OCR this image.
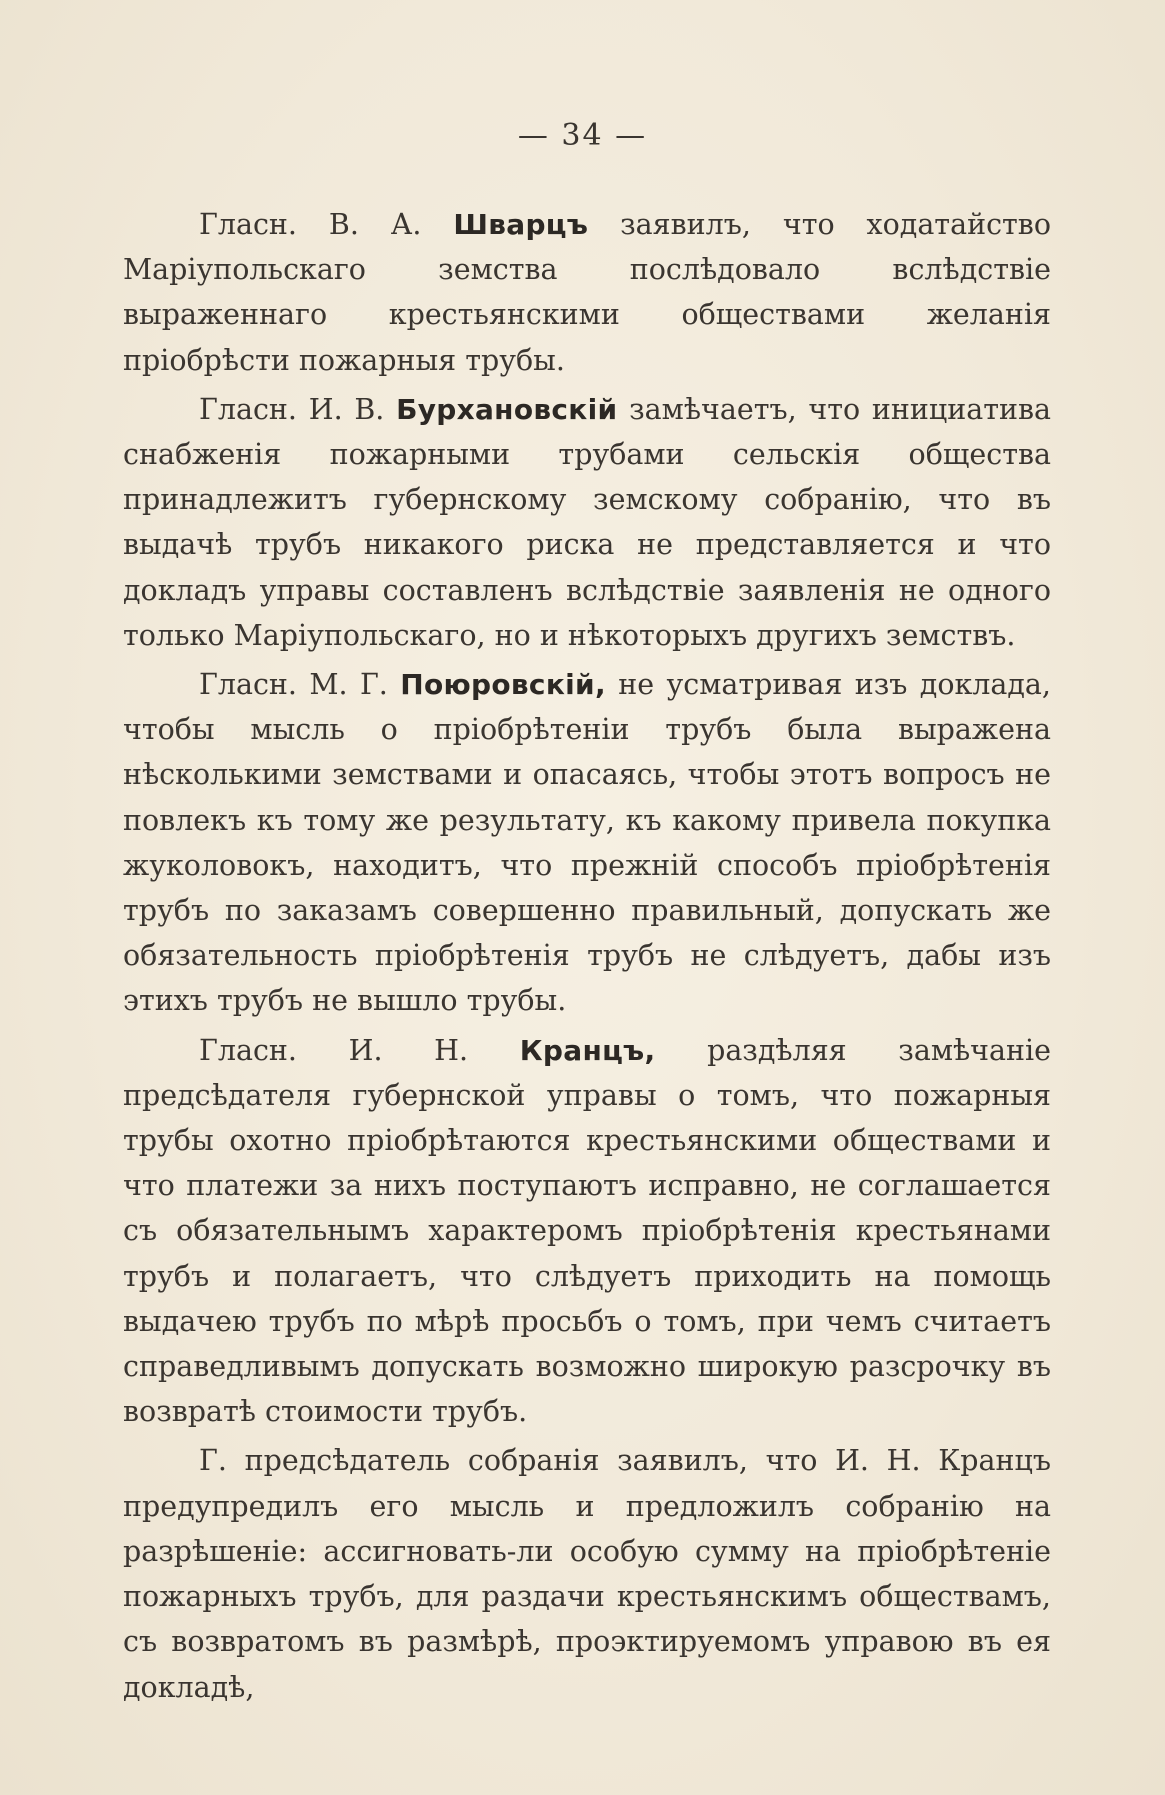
— 34 —

Гласн. В. А. Шварцъ заявилъ, что ходатайство Маріупольскаго земства послѣдовало вслѣдствіе выраженнаго крестьянскими обществами желанія пріобрѣсти пожарныя трубы.

Гласн. И. В. Бурхановскій замѣчаетъ, что инициатива снабженія пожарными трубами сельскія общества принадлежитъ губернскому земскому собранію, что въ выдачѣ трубъ никакого риска не представляется и что докладъ управы составленъ вслѣдствіе заявленія не одного только Маріупольскаго, но и нѣкоторыхъ другихъ земствъ.

Гласн. М. Г. Поюровскій, не усматривая изъ доклада, чтобы мысль о пріобрѣтеніи трубъ была выражена нѣсколькими земствами и опасаясь, чтобы этотъ вопросъ не повлекъ къ тому же результату, къ какому привела покупка жуколовокъ, находитъ, что прежній способъ пріобрѣтенія трубъ по заказамъ совершенно правильный, допускать же обязательность пріобрѣтенія трубъ не слѣдуетъ, дабы изъ этихъ трубъ не вышло трубы.

Гласн. И. Н. Кранцъ, раздѣляя замѣчаніе предсѣдателя губернской управы о томъ, что пожарныя трубы охотно пріобрѣтаются крестьянскими обществами и что платежи за нихъ поступаютъ исправно, не соглашается съ обязательнымъ характеромъ пріобрѣтенія крестьянами трубъ и полагаетъ, что слѣдуетъ приходить на помощь выдачею трубъ по мѣрѣ просьбъ о томъ, при чемъ считаетъ справедливымъ допускать возможно широкую разсрочку въ возвратѣ стоимости трубъ.

Г. предсѣдатель собранія заявилъ, что И. Н. Кранцъ предупредилъ его мысль и предложилъ собранію на разрѣшеніе: ассигновать-ли особую сумму на пріобрѣтеніе пожарныхъ трубъ, для раздачи крестьянскимъ обществамъ, съ возвратомъ въ размѣрѣ, проэктируемомъ управою въ ея докладѣ,
